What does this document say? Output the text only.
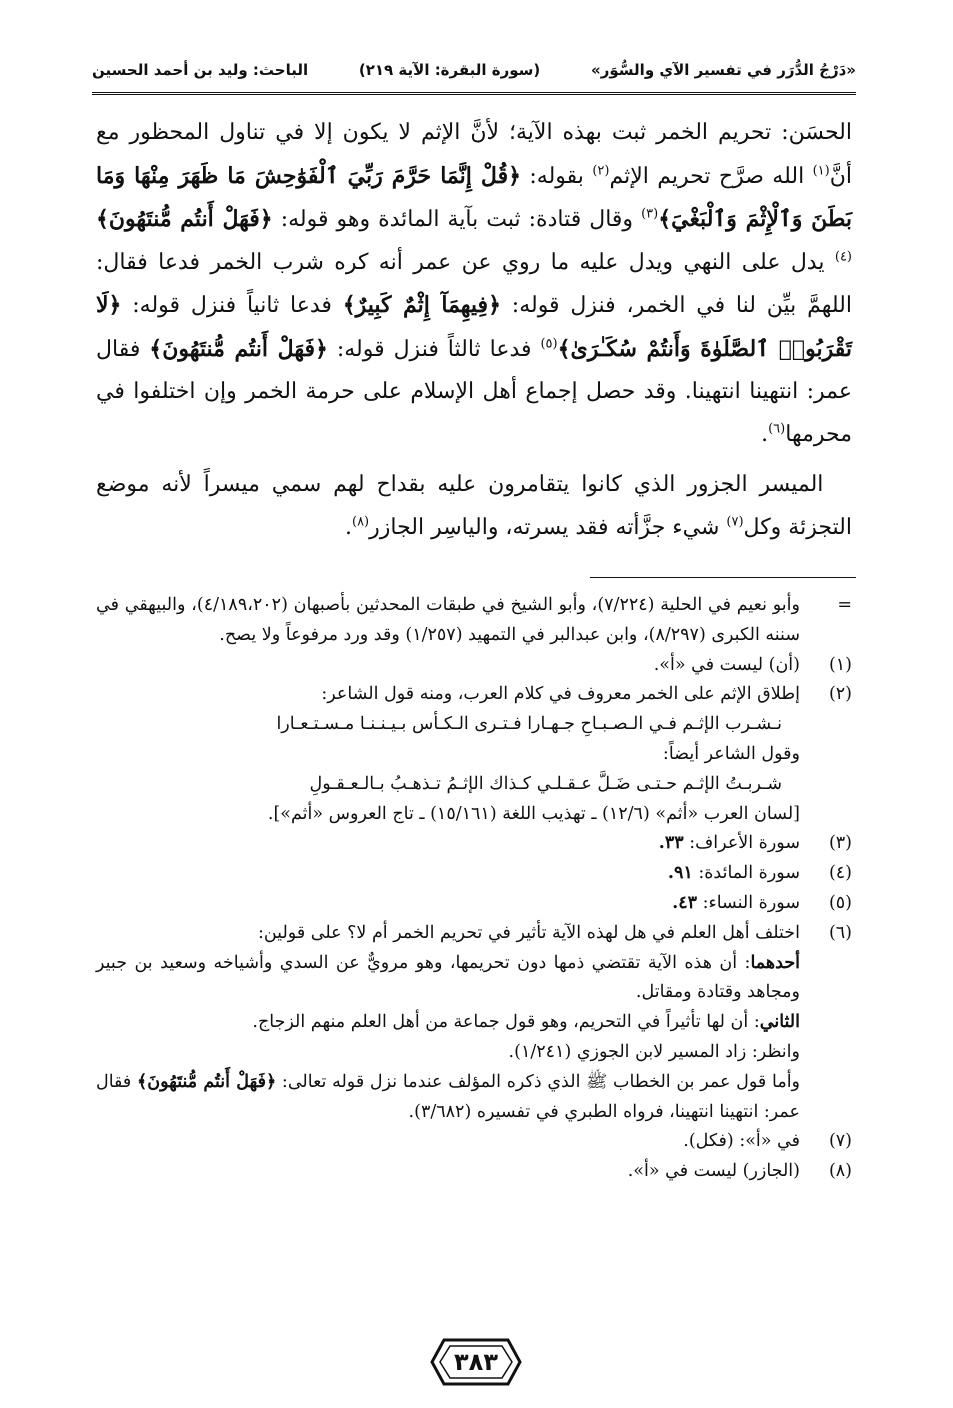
«دَرْجُ الدُّرَر في تفسير الآي والسُّوَر»
(سورة البقرة: الآية ٢١٩)
الباحث: وليد بن أحمد الحسين

الحسَن: تحريم الخمر ثبت بهذه الآية؛ لأنَّ الإثم لا يكون إلا في تناول المحظور مع أنَّ$^{(١)}$ الله صرَّح تحريم الإثم$^{(٢)}$ بقوله: ﴿قُلْ إِنَّمَا حَرَّمَ رَبِّيَ ٱلْفَوَٰحِشَ مَا ظَهَرَ مِنْهَا وَمَا بَطَنَ وَٱلْإِثْمَ وَٱلْبَغْيَ﴾$^{(٣)}$ وقال قتادة: ثبت بآية المائدة وهو قوله: ﴿فَهَلْ أَنتُم مُّنتَهُونَ﴾$^{(٤)}$ يدل على النهي ويدل عليه ما روي عن عمر أنه كره شرب الخمر فدعا فقال: اللهمَّ بيِّن لنا في الخمر، فنزل قوله: ﴿فِيهِمَآ إِثْمٌ كَبِيرٌ﴾ فدعا ثانياً فنزل قوله: ﴿لَا تَقْرَبُوا۟ ٱلصَّلَوٰةَ وَأَنتُمْ سُكَـٰرَىٰ﴾$^{(٥)}$ فدعا ثالثاً فنزل قوله: ﴿فَهَلْ أَنتُم مُّنتَهُونَ﴾ فقال عمر: انتهينا انتهينا. وقد حصل إجماع أهل الإسلام على حرمة الخمر وإن اختلفوا في محرمها$^{(٦)}$.

الميسر الجزور الذي كانوا يتقامرون عليه بقداح لهم سمي ميسراً لأنه موضع التجزئة وكل$^{(٧)}$ شيء جزَّأته فقد يسرته، والياسِر الجازر$^{(٨)}$.

=
وأبو نعيم في الحلية (٧/٢٢٤)، وأبو الشيخ في طبقات المحدثين بأصبهان (٤/١٨٩،٢٠٢)، والبيهقي في سننه الكبرى (٨/٢٩٧)، وابن عبدالبر في التمهيد (١/٢٥٧) وقد ورد مرفوعاً ولا يصح.
(١)
(أن) ليست في «أ».
(٢)
إطلاق الإثم على الخمر معروف في كلام العرب، ومنه قول الشاعر:
نـشـرب الإثـم فـي الـصـبـاحِ جـهـارا فـتـرى الـكـأس بـيـنـنـا مـسـتـعـارا
وقول الشاعر أيضاً:
شـربـتُ الإثـم حـتـى ضَـلَّ عـقـلـي كـذاك الإثـمُ تـذهـبُ بـالـعـقـولِ
[لسان العرب «أثم» (١٢/٦) ـ تهذيب اللغة (١٥/١٦١) ـ تاج العروس «أثم»].
(٣)
سورة الأعراف: ٣٣.
(٤)
سورة المائدة: ٩١.
(٥)
سورة النساء: ٤٣.
(٦)
اختلف أهل العلم في هل لهذه الآية تأثير في تحريم الخمر أم لا؟ على قولين:
أحدهما: أن هذه الآية تقتضي ذمها دون تحريمها، وهو مرويٌّ عن السدي وأشياخه وسعيد بن جبير ومجاهد وقتادة ومقاتل.
الثاني: أن لها تأثيراً في التحريم، وهو قول جماعة من أهل العلم منهم الزجاج.
وانظر: زاد المسير لابن الجوزي (١/٢٤١).
وأما قول عمر بن الخطاب ﷺ الذي ذكره المؤلف عندما نزل قوله تعالى: ﴿فَهَلْ أَنتُم مُّنتَهُونَ﴾ فقال عمر: انتهينا انتهينا، فرواه الطبري في تفسيره (٣/٦٨٢).
(٧)
في «أ»: (فكل).
(٨)
(الجازر) ليست في «أ».
٣٨٣
